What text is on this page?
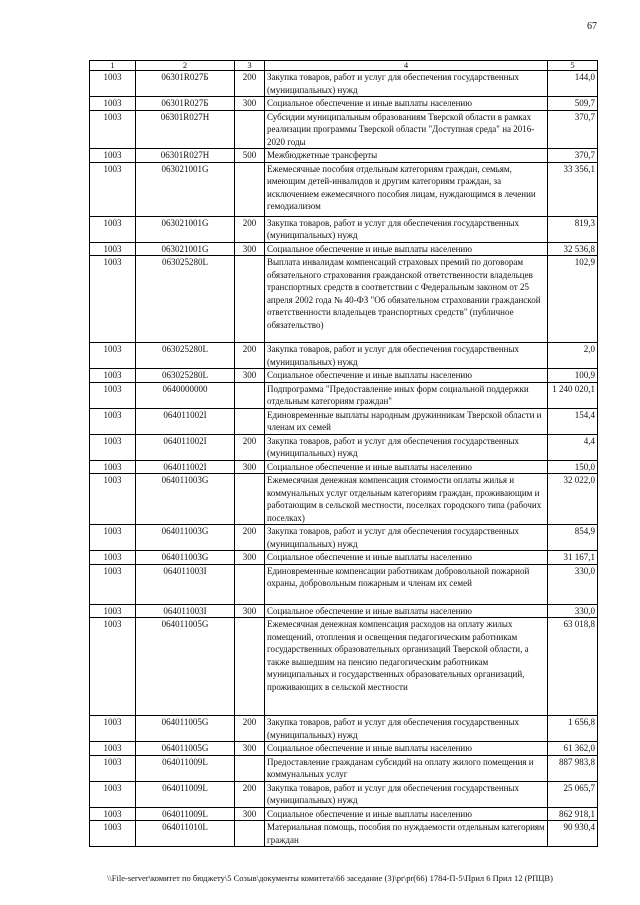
67
1	2	3	4	5
1003	06301R027Б	200	Закупка товаров, работ и услуг для обеспечения государственных (муниципальных) нужд	144,0
1003	06301R027Б	300	Социальное обеспечение и иные выплаты населению	509,7
1003	06301R027Н		Субсидии муниципальным образованиям Тверской области в рамках реализации программы Тверской области "Доступная среда" на 2016-2020 годы	370,7
1003	06301R027Н	500	Межбюджетные трансферты	370,7
1003	063021001G		Ежемесячные пособия отдельным категориям граждан, семьям, имеющим детей-инвалидов и другим категориям граждан, за исключением ежемесячного пособия лицам, нуждающимся в лечении гемодиализом	33 356,1
1003	063021001G	200	Закупка товаров, работ и услуг для обеспечения государственных (муниципальных) нужд	819,3
1003	063021001G	300	Социальное обеспечение и иные выплаты населению	32 536,8
1003	063025280L		Выплата инвалидам компенсаций страховых премий по договорам обязательного страхования гражданской ответственности владельцев транспортных средств в соответствии с Федеральным законом от 25 апреля 2002 года № 40-ФЗ "Об обязательном страховании гражданской ответственности владельцев транспортных средств" (публичное обязательство)	102,9
1003	063025280L	200	Закупка товаров, работ и услуг для обеспечения государственных (муниципальных) нужд	2,0
1003	063025280L	300	Социальное обеспечение и иные выплаты населению	100,9
1003	0640000000		Подпрограмма "Предоставление иных форм социальной поддержки отдельным категориям граждан"	1 240 020,1
1003	064011002I		Единовременные выплаты народным дружинникам Тверской области и членам их семей	154,4
1003	064011002I	200	Закупка товаров, работ и услуг для обеспечения государственных (муниципальных) нужд	4,4
1003	064011002I	300	Социальное обеспечение и иные выплаты населению	150,0
1003	064011003G		Ежемесячная денежная компенсация стоимости оплаты жилья и коммунальных услуг отдельным категориям граждан, проживающим и работающим в сельской местности, поселках городского типа (рабочих поселках)	32 022,0
1003	064011003G	200	Закупка товаров, работ и услуг для обеспечения государственных (муниципальных) нужд	854,9
1003	064011003G	300	Социальное обеспечение и иные выплаты населению	31 167,1
1003	064011003I		Единовременные компенсации работникам добровольной пожарной охраны, добровольным пожарным и членам их семей	330,0
1003	064011003I	300	Социальное обеспечение и иные выплаты населению	330,0
1003	064011005G		Ежемесячная денежная компенсация расходов на оплату жилых помещений, отопления и освещения педагогическим работникам государственных образовательных организаций Тверской области, а также вышедшим на пенсию педагогическим работникам муниципальных и государственных образовательных организаций, проживающих в сельской местности	63 018,8
1003	064011005G	200	Закупка товаров, работ и услуг для обеспечения государственных (муниципальных) нужд	1 656,8
1003	064011005G	300	Социальное обеспечение и иные выплаты населению	61 362,0
1003	064011009L		Предоставление гражданам субсидий на оплату жилого помещения и коммунальных услуг	887 983,8
1003	064011009L	200	Закупка товаров, работ и услуг для обеспечения государственных (муниципальных) нужд	25 065,7
1003	064011009L	300	Социальное обеспечение и иные выплаты населению	862 918,1
1003	064011010L		Материальная помощь, пособия по нуждаемости отдельным категориям граждан	90 930,4
\\File-server\комитет по бюджету\5 Созыв\документы комитета\66 заседание (3)\pr\pr(66) 1784-П-5\Прил 6 Прил 12 (РПЦВ)
